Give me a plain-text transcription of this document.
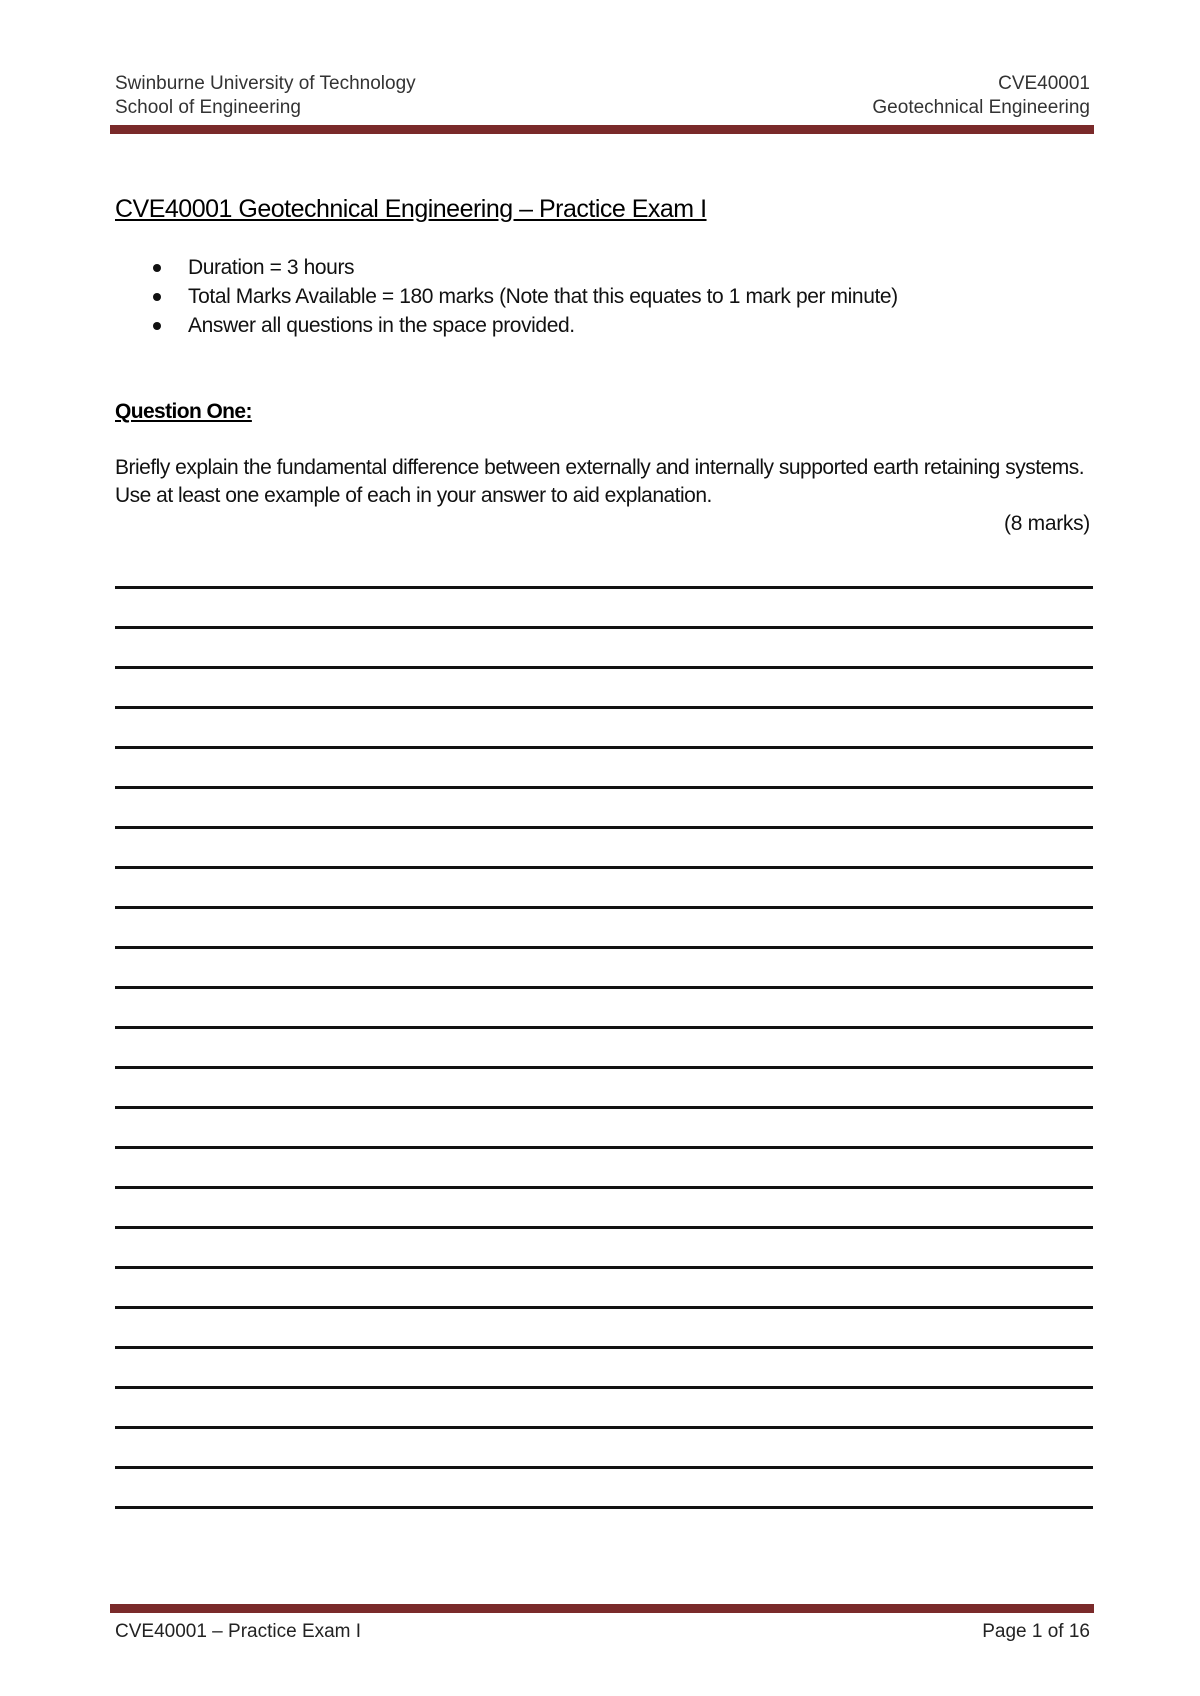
Swinburne University of Technology
School of Engineering
CVE40001
Geotechnical Engineering
CVE40001 Geotechnical Engineering – Practice Exam I
Duration = 3 hours
Total Marks Available = 180 marks (Note that this equates to 1 mark per minute)
Answer all questions in the space provided.
Question One:
Briefly explain the fundamental difference between externally and internally supported earth retaining systems.
Use at least one example of each in your answer to aid explanation.
(8 marks)
CVE40001 – Practice Exam I	Page 1 of 16
